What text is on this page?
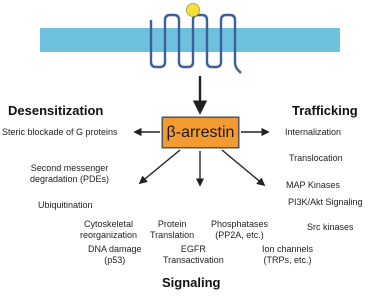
β-arrestin
Desensitization	Trafficking
Signaling
Steric blockade of G proteins
Second messenger
degradation (PDEs)
Ubiquitination
Internalization
Translocation
MAP Kinases
PI3K/Akt Signaling
Src kinases
Cytoskeletal
reorganization
Protein
Translation
Phosphatases
(PP2A, etc.)
DNA damage
(p53)
EGFR
Transactivation
Ion channels
(TRPs, etc.)
